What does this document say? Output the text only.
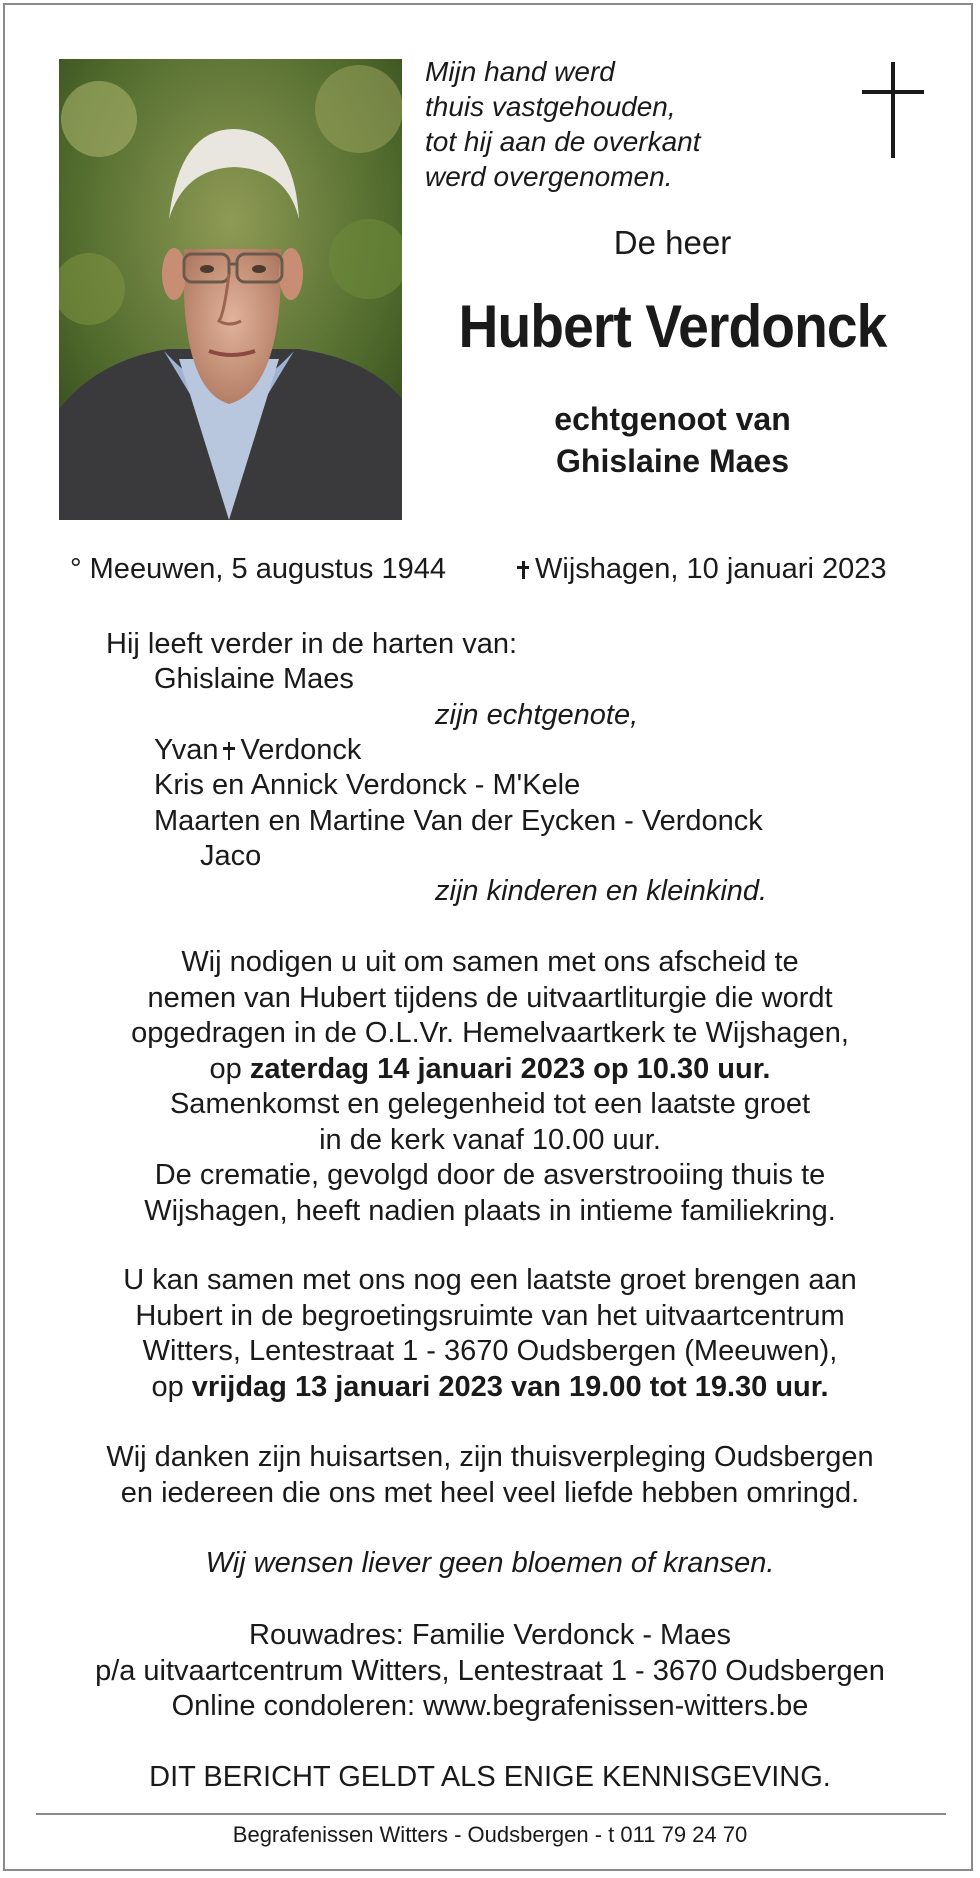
Mijn hand werd
thuis vastgehouden,
tot hij aan de overkant
werd overgenomen.
De heer
Hubert Verdonck
echtgenoot van
Ghislaine Maes
° Meeuwen, 5 augustus 1944	Wijshagen, 10 januari 2023
Hij leeft verder in de harten van:
Ghislaine Maes
zijn echtgenote,
Yvan Verdonck
Kris en Annick Verdonck - M'Kele
Maarten en Martine Van der Eycken - Verdonck
Jaco
zijn kinderen en kleinkind.
Wij nodigen u uit om samen met ons afscheid te
nemen van Hubert tijdens de uitvaartliturgie die wordt
opgedragen in de O.L.Vr. Hemelvaartkerk te Wijshagen,
op zaterdag 14 januari 2023 op 10.30 uur.
Samenkomst en gelegenheid tot een laatste groet
in de kerk vanaf 10.00 uur.
De crematie, gevolgd door de asverstrooiing thuis te
Wijshagen, heeft nadien plaats in intieme familiekring.
U kan samen met ons nog een laatste groet brengen aan
Hubert in de begroetingsruimte van het uitvaartcentrum
Witters, Lentestraat 1 - 3670 Oudsbergen (Meeuwen),
op vrijdag 13 januari 2023 van 19.00 tot 19.30 uur.
Wij danken zijn huisartsen, zijn thuisverpleging Oudsbergen
en iedereen die ons met heel veel liefde hebben omringd.
Wij wensen liever geen bloemen of kransen.
Rouwadres: Familie Verdonck - Maes
p/a uitvaartcentrum Witters, Lentestraat 1 - 3670 Oudsbergen
Online condoleren: www.begrafenissen-witters.be
DIT BERICHT GELDT ALS ENIGE KENNISGEVING.
Begrafenissen Witters - Oudsbergen - t 011 79 24 70
